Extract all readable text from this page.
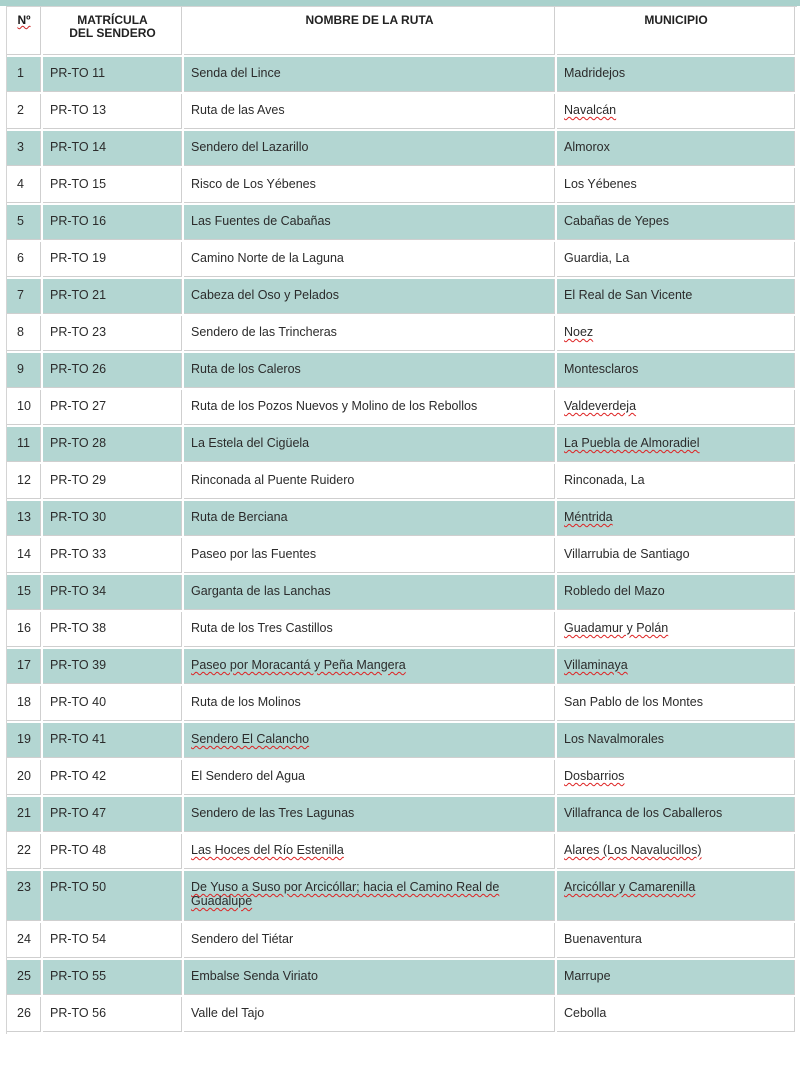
Nº	MATRÍCULA DEL SENDERO	NOMBRE DE LA RUTA	MUNICIPIO

1	PR-TO 11	Senda del Lince	Madridejos

2	PR-TO 13	Ruta de las Aves	Navalcán

3	PR-TO 14	Sendero del Lazarillo	Almorox

4	PR-TO 15	Risco de Los Yébenes	Los Yébenes

5	PR-TO 16	Las Fuentes de Cabañas	Cabañas de Yepes

6	PR-TO 19	Camino Norte de la Laguna	Guardia, La

7	PR-TO 21	Cabeza del Oso y Pelados	El Real de San Vicente

8	PR-TO 23	Sendero de las Trincheras	Noez

9	PR-TO 26	Ruta de los Caleros	Montesclaros

10	PR-TO 27	Ruta de los Pozos Nuevos y Molino de los Rebollos	Valdeverdeja

11	PR-TO 28	La Estela del Cigüela	La Puebla de Almoradiel

12	PR-TO 29	Rinconada al Puente Ruidero	Rinconada, La

13	PR-TO 30	Ruta de Berciana	Méntrida

14	PR-TO 33	Paseo por las Fuentes	Villarrubia de Santiago

15	PR-TO 34	Garganta de las Lanchas	Robledo del Mazo

16	PR-TO 38	Ruta de los Tres Castillos	Guadamur y Polán

17	PR-TO 39	Paseo por Moracantá y Peña Mangera	Villaminaya

18	PR-TO 40	Ruta de los Molinos	San Pablo de los Montes

19	PR-TO 41	Sendero El Calancho	Los Navalmorales

20	PR-TO 42	El Sendero del Agua	Dosbarrios

21	PR-TO 47	Sendero de las Tres Lagunas	Villafranca de los Caballeros

22	PR-TO 48	Las Hoces del Río Estenilla	Alares (Los Navalucillos)

23	PR-TO 50	De Yuso a Suso por Arcicóllar; hacia el Camino Real de Guadalupe	Arcicóllar y Camarenilla

24	PR-TO 54	Sendero del Tiétar	Buenaventura

25	PR-TO 55	Embalse Senda Viriato	Marrupe

26	PR-TO 56	Valle del Tajo	Cebolla
